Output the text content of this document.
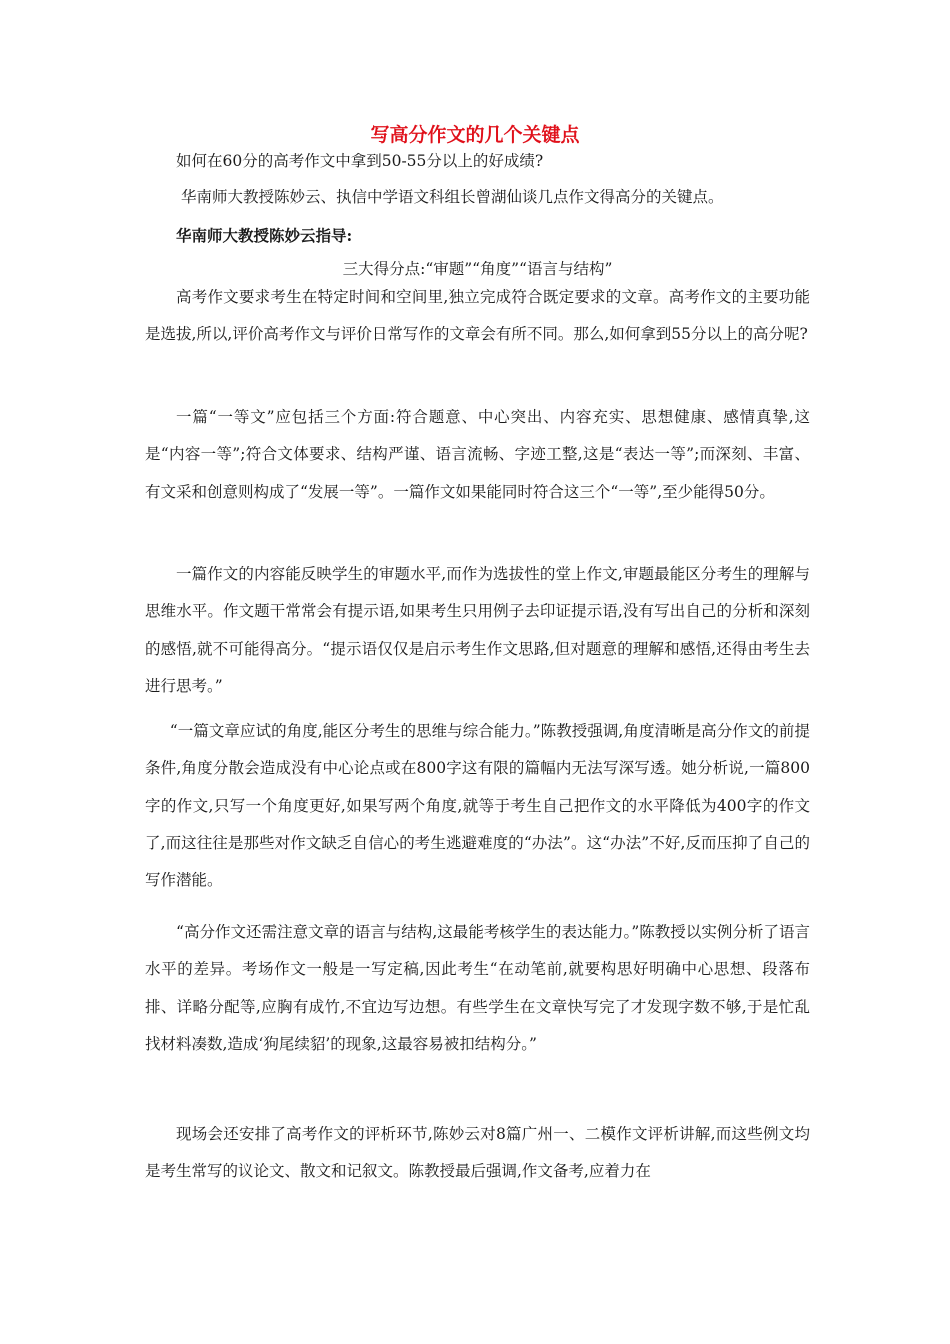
写高分作文的几个关键点

如何在60分的高考作文中拿到50-55分以上的好成绩?

华南师大教授陈妙云、执信中学语文科组长曾湖仙谈几点作文得高分的关键点。

华南师大教授陈妙云指导:

三大得分点:“审题”“角度”“语言与结构”

高考作文要求考生在特定时间和空间里,独立完成符合既定要求的文章。高考作文的主要功能是选拔,所以,评价高考作文与评价日常写作的文章会有所不同。那么,如何拿到55分以上的高分呢?

一篇“一等文”应包括三个方面:符合题意、中心突出、内容充实、思想健康、感情真挚,这是“内容一等”;符合文体要求、结构严谨、语言流畅、字迹工整,这是“表达一等”;而深刻、丰富、有文采和创意则构成了“发展一等”。一篇作文如果能同时符合这三个“一等”,至少能得50分。

一篇作文的内容能反映学生的审题水平,而作为选拔性的堂上作文,审题最能区分考生的理解与思维水平。作文题干常常会有提示语,如果考生只用例子去印证提示语,没有写出自己的分析和深刻的感悟,就不可能得高分。“提示语仅仅是启示考生作文思路,但对题意的理解和感悟,还得由考生去进行思考。”

“一篇文章应试的角度,能区分考生的思维与综合能力。”陈教授强调,角度清晰是高分作文的前提条件,角度分散会造成没有中心论点或在800字这有限的篇幅内无法写深写透。她分析说,一篇800字的作文,只写一个角度更好,如果写两个角度,就等于考生自己把作文的水平降低为400字的作文了,而这往往是那些对作文缺乏自信心的考生逃避难度的“办法”。这“办法”不好,反而压抑了自己的写作潜能。

“高分作文还需注意文章的语言与结构,这最能考核学生的表达能力。”陈教授以实例分析了语言水平的差异。考场作文一般是一写定稿,因此考生“在动笔前,就要构思好明确中心思想、段落布排、详略分配等,应胸有成竹,不宜边写边想。有些学生在文章快写完了才发现字数不够,于是忙乱找材料凑数,造成‘狗尾续貂’的现象,这最容易被扣结构分。”

现场会还安排了高考作文的评析环节,陈妙云对8篇广州一、二模作文评析讲解,而这些例文均是考生常写的议论文、散文和记叙文。陈教授最后强调,作文备考,应着力在
